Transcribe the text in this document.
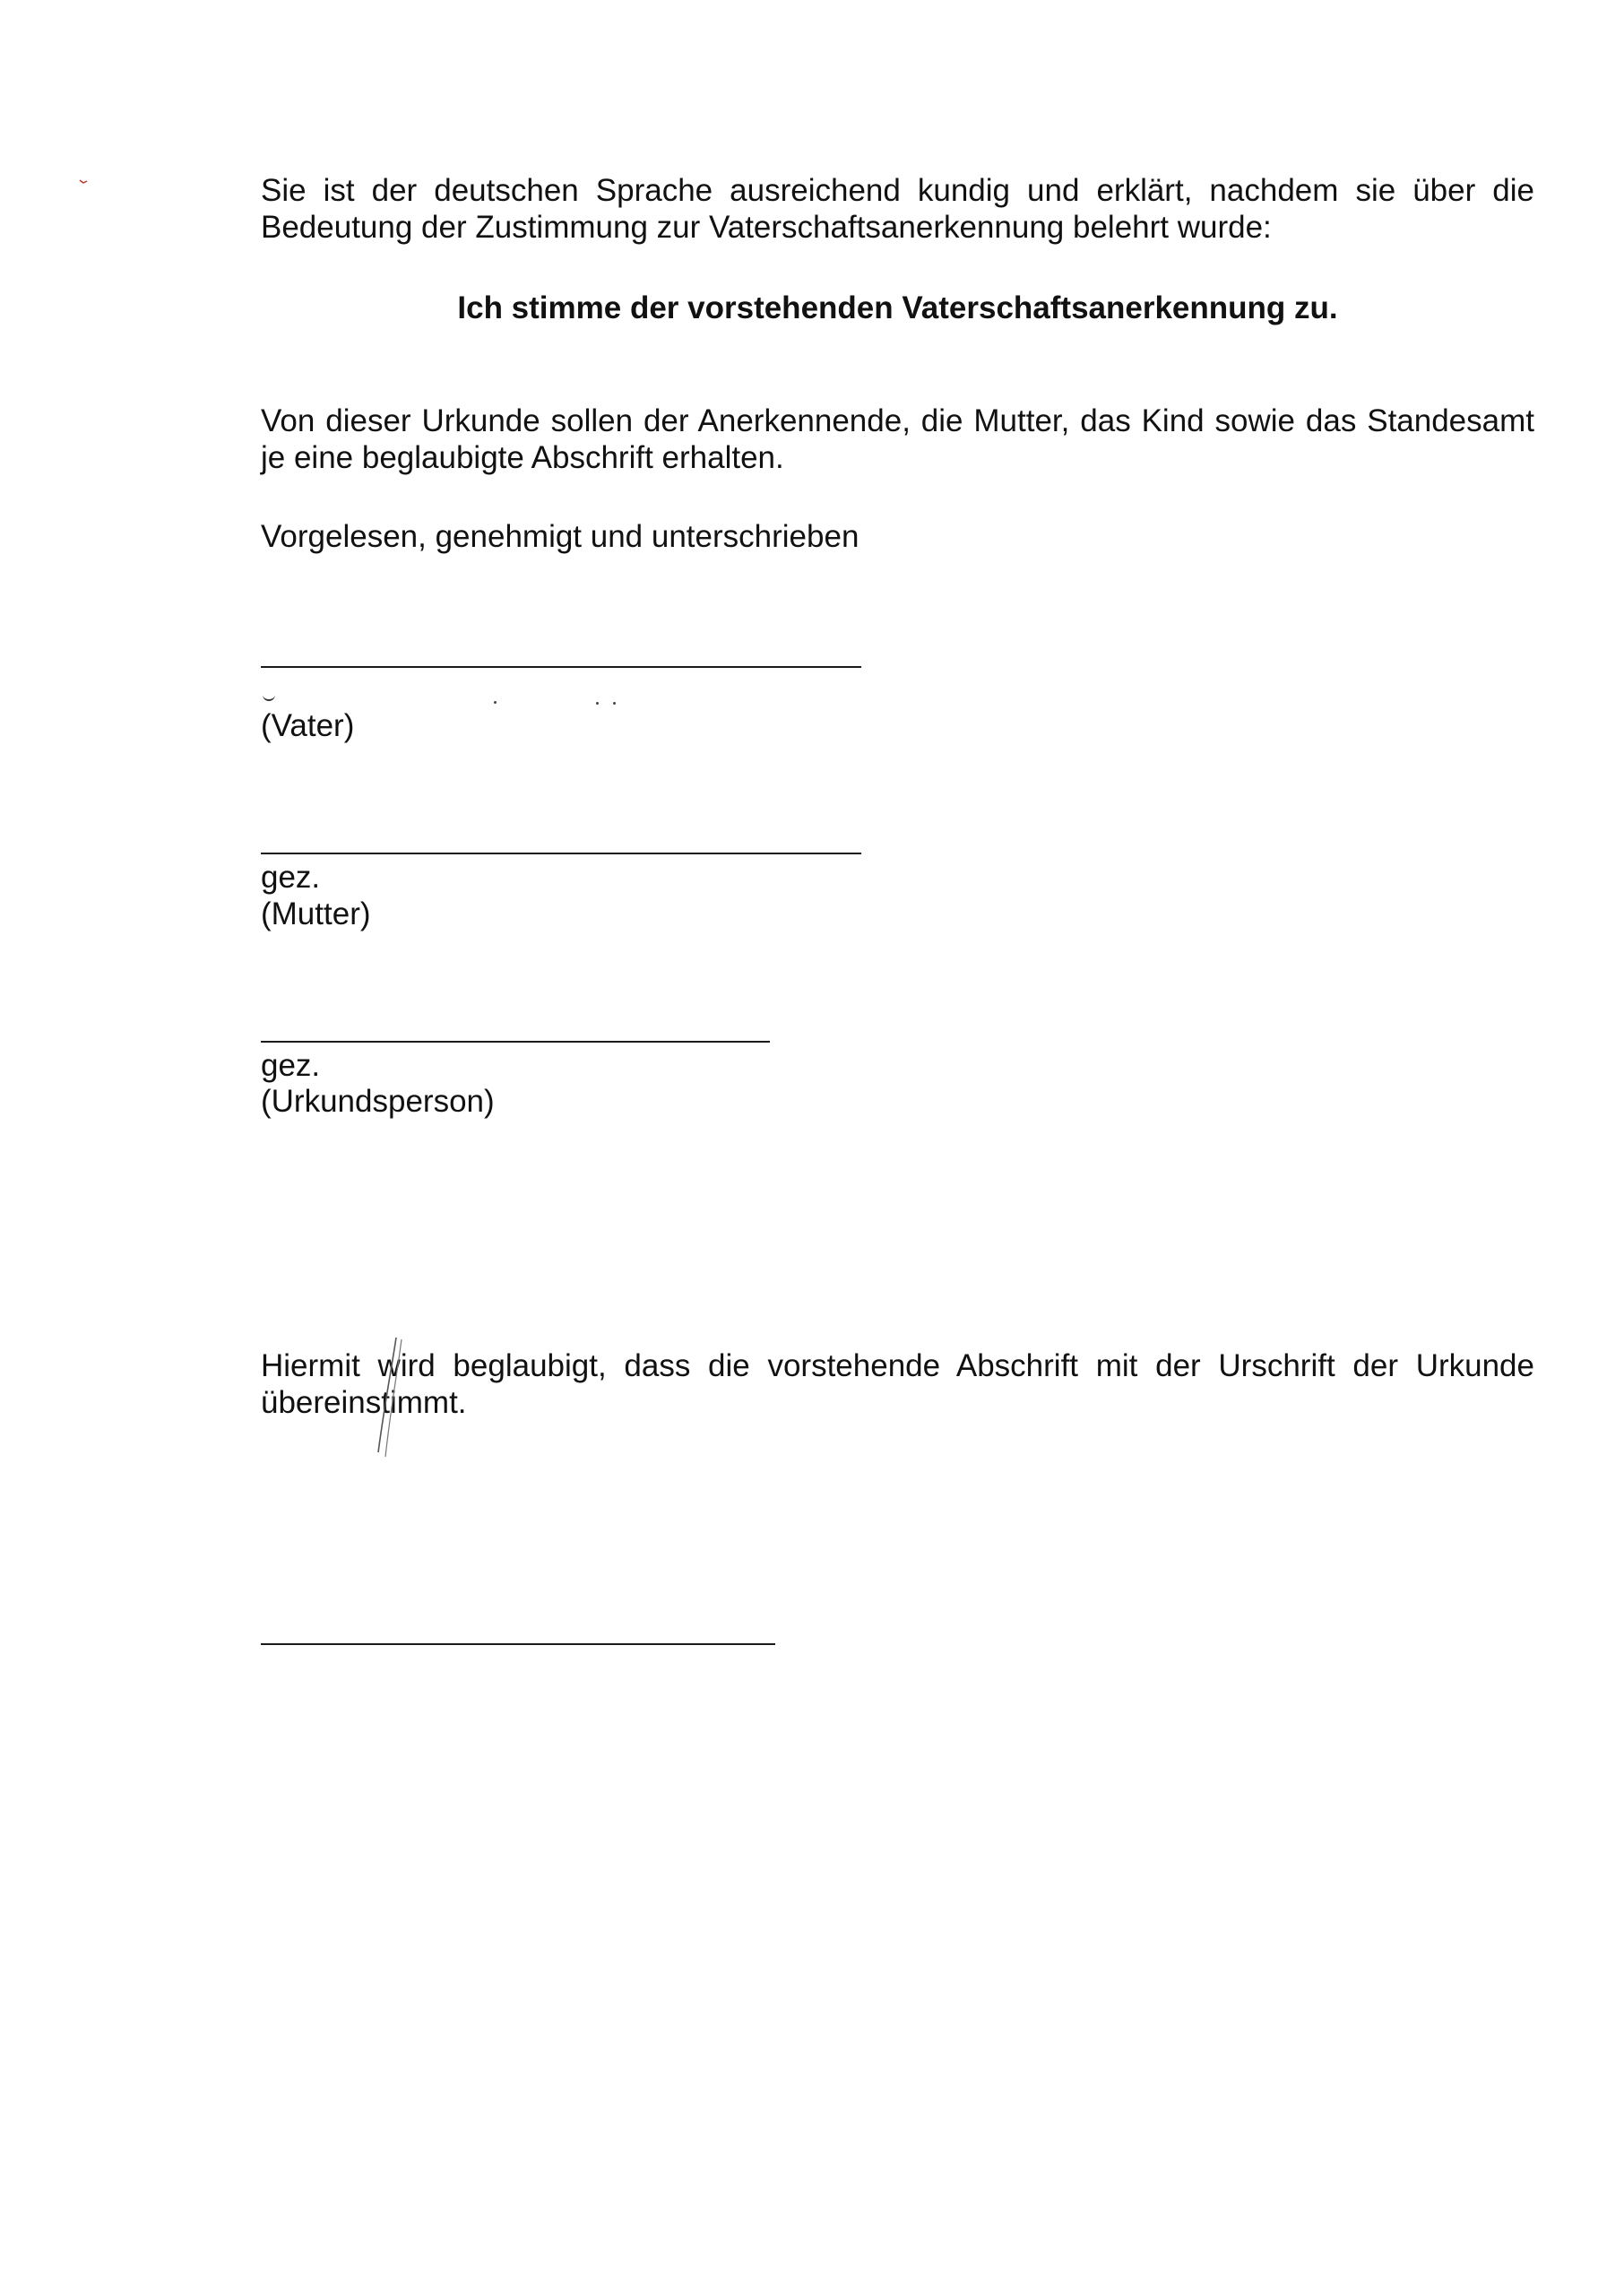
Sie ist der deutschen Sprache ausreichend kundig und erklärt, nachdem sie über die Bedeutung der Zustimmung zur Vaterschaftsanerkennung belehrt wurde:

Ich stimme der vorstehenden Vaterschaftsanerkennung zu.

Von dieser Urkunde sollen der Anerkennende, die Mutter, das Kind sowie das Standesamt je eine beglaubigte Abschrift erhalten.

Vorgelesen, genehmigt und unterschrieben

(Vater)

gez.

(Mutter)

gez.

(Urkundsperson)

Hiermit wird beglaubigt, dass die vorstehende Abschrift mit der Urschrift der Urkunde übereinstimmt.
